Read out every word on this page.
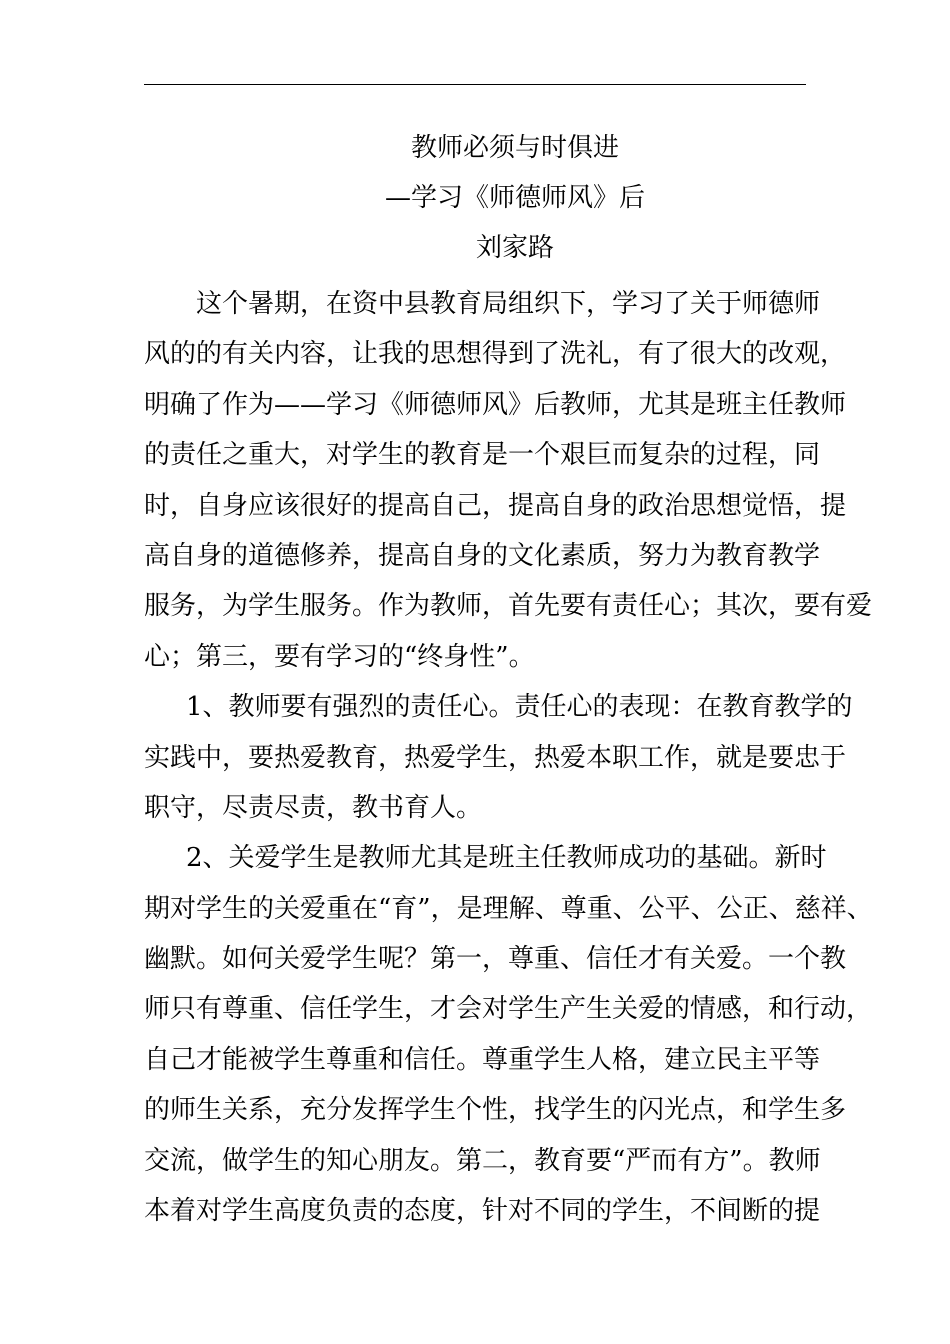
教师必须与时俱进
—学习《师德师风》后
刘家路
这个暑期，在资中县教育局组织下，学习了关于师德师
风的的有关内容，让我的思想得到了洗礼，有了很大的改观，
明确了作为——学习《师德师风》后教师，尤其是班主任教师
的责任之重大，对学生的教育是一个艰巨而复杂的过程，同
时，自身应该很好的提高自己，提高自身的政治思想觉悟，提
高自身的道德修养，提高自身的文化素质，努力为教育教学
服务，为学生服务。作为教师，首先要有责任心；其次，要有爱
心；第三，要有学习的“终身性”。
1、教师要有强烈的责任心。责任心的表现：在教育教学的
实践中，要热爱教育，热爱学生，热爱本职工作，就是要忠于
职守，尽责尽责，教书育人。
2、关爱学生是教师尤其是班主任教师成功的基础。新时
期对学生的关爱重在“育”，是理解、尊重、公平、公正、慈祥、
幽默。如何关爱学生呢？第一，尊重、信任才有关爱。一个教
师只有尊重、信任学生，才会对学生产生关爱的情感，和行动，
自己才能被学生尊重和信任。尊重学生人格，建立民主平等
的师生关系，充分发挥学生个性，找学生的闪光点，和学生多
交流，做学生的知心朋友。第二，教育要“严而有方”。教师
本着对学生高度负责的态度，针对不同的学生，不间断的提
